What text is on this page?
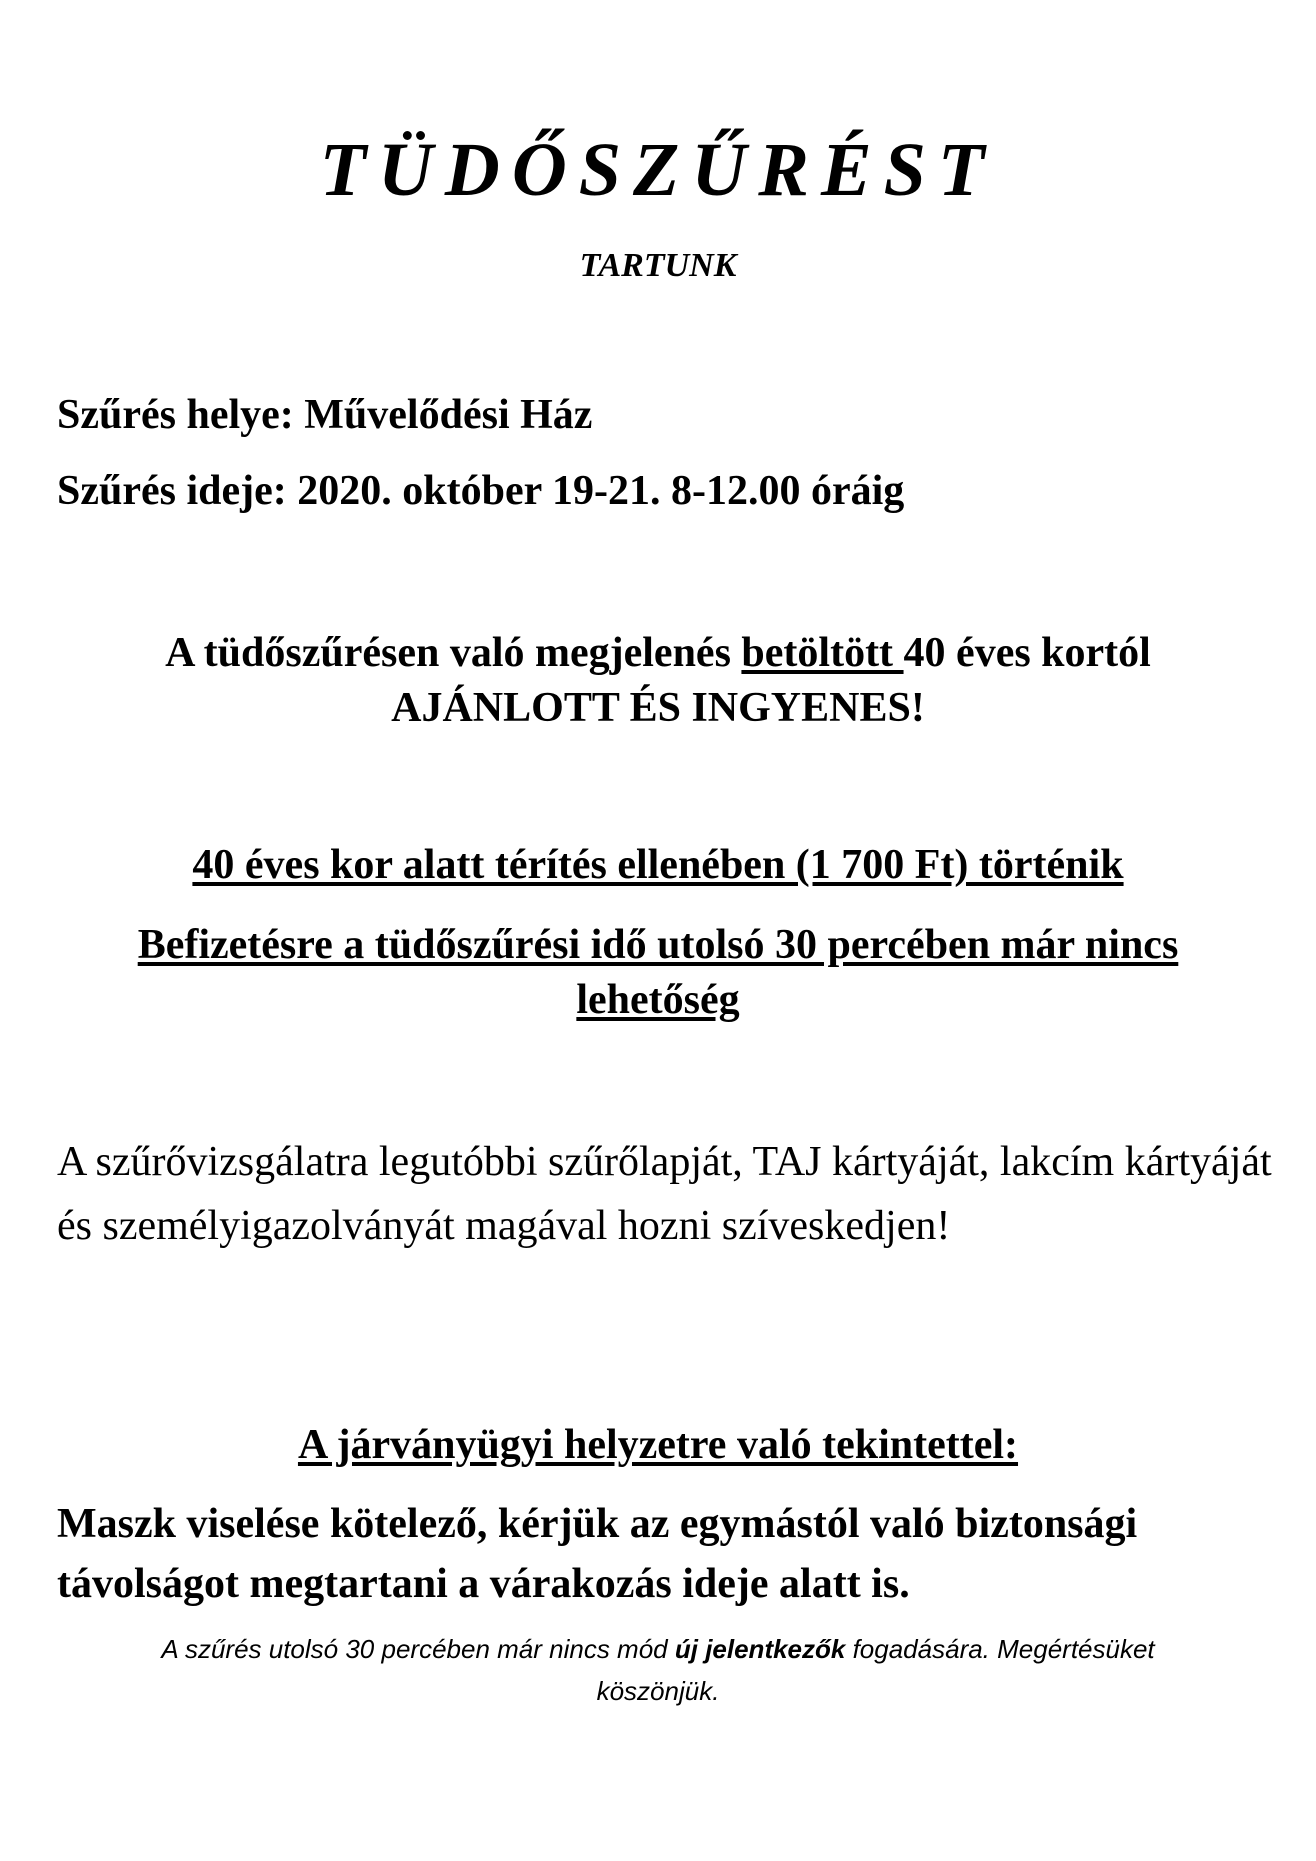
TÜDŐSZŰRÉST
TARTUNK
Szűrés helye: Művelődési Ház
Szűrés ideje: 2020. október 19-21. 8-12.00 óráig
A tüdőszűrésen való megjelenés betöltött 40 éves kortól
AJÁNLOTT ÉS INGYENES!
40 éves kor alatt térítés ellenében (1 700 Ft) történik
Befizetésre a tüdőszűrési idő utolsó 30 percében már nincs lehetőség
A szűrővizsgálatra legutóbbi szűrőlapját, TAJ kártyáját, lakcím kártyáját és személyigazolványát magával hozni szíveskedjen!
A járványügyi helyzetre való tekintettel:
Maszk viselése kötelező, kérjük az egymástól való biztonsági távolságot megtartani a várakozás ideje alatt is.
A szűrés utolsó 30 percében már nincs mód új jelentkezők fogadására. Megértésüket köszönjük.
